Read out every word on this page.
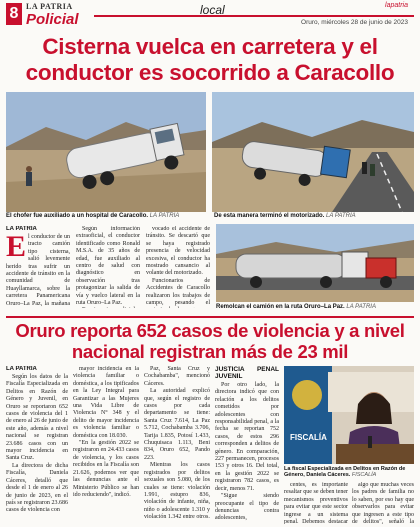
8 LA PATRIA
Policial
local	lapatria
Oruro, miércoles 28 de junio de 2023
Cisterna vuelca en carretera y el conductor es socorrido a Caracollo
El chofer fue auxiliado a un hospital de Caracollo. LA PATRIA	De esta manera terminó el motorizado. LA PATRIA
LA PATRIA
E l conductor de un tracto camión tipo cisterna, salió levemente herido tras sufrir un accidente de tránsito en la comunidad de Huayllamarca, sobre la carretera Panamericana Oruro–La Paz, la mañana

Según información extraoficial, el conductor identificado como Ronald M.S.A. de 35 años de edad, fue auxiliado al centro de salud con diagnóstico en observación tras protagonizar la salida de vía y vuelco lateral en la ruta Oruro–La Paz.

vocado el accidente de tránsito. Se descartó que se haya registrado presencia de velocidad excesiva, el conductor ha mostrado cansancio al volante del motorizado.

Funcionarios de Accidentes de Caracollo realizaron los trabajos de campo, pesando el

Remolcan el camión en la ruta Oruro–La Paz. LA PATRIA
Oruro reporta 652 casos de violencia y a nivel nacional registran más de 23 mil
LA PATRIA

Según los datos de la Fiscalía Especializada en Delitos en Razón de Género y Juvenil, en Oruro se reportaron 652 casos de violencia del 1 de enero al 26 de junio de este año, además a nivel nacional se registran 23.686 casos con un mayor incidencia en Santa Cruz.

La directora de dicha Fiscalía, Daniela Cáceres, detalló que desde el 1 de enero al 26 de junio de 2023, en el país se registraron 23.686 casos de violencia con

mayor incidencia en la violencia familiar o doméstica, a los tipificados en la Ley Integral para Garantizar a las Mujeres una Vida Libre de Violencia N° 348 y el delito de mayor incidencia es violencia familiar o doméstica con 18.030.

"En la gestión 2022 se registraron en 24.433 casos de violencia, y los casos recibidos en la Fiscalía son 21.626, podemos ver que las denuncias ante el Ministerio Público se han ido reduciendo", indicó.

Paz, Santa Cruz y Cochabamba", mencionó Cáceres.

La autoridad explicó que, según el registro de casos por cada departamento se tiene: Santa Cruz 7.614, La Paz 5.712, Cochabamba 3.706, Tarija 1.835, Potosí 1.433, Chuquisaca 1.113, Beni 834, Oruro 652, Pando 223.

Mientras los casos registrados por delitos sexuales son 5.080, de los cuales se tiene: violación 1.991, estupro 836, violación de infante, niña, niño o adolescente 1.310 y violación 1.342 entre otros.

JUSTICIA PENAL JUVENIL

Por otro lado, la directora indicó que con relación a los delitos cometidos por adolescentes con responsabilidad penal, a la fecha se reportan 752 casos, de estos 296 corresponden a delitos de género. En comparación, 227 permanecen, procesos 153 y otros 16. Del total, en la gestión 2022 se registraron 782 casos, es decir, menos 71.

"Sigue siendo preocupante el tipo de denuncias contra adolescentes,

FISCALÍA
La fiscal Especializada en Delitos en Razón de Género, Daniela Cáceres. FISCALÍA

centes, es importante resaltar que se deben tener mecanismos preventivos para evitar que este sector ingrese a un sistema penal. Debemos destacar

algo que muchas veces los padres de familia no lo saben, por eso hay que observarlos para evitar que ingresen a este tipo de delitos", señaló la
